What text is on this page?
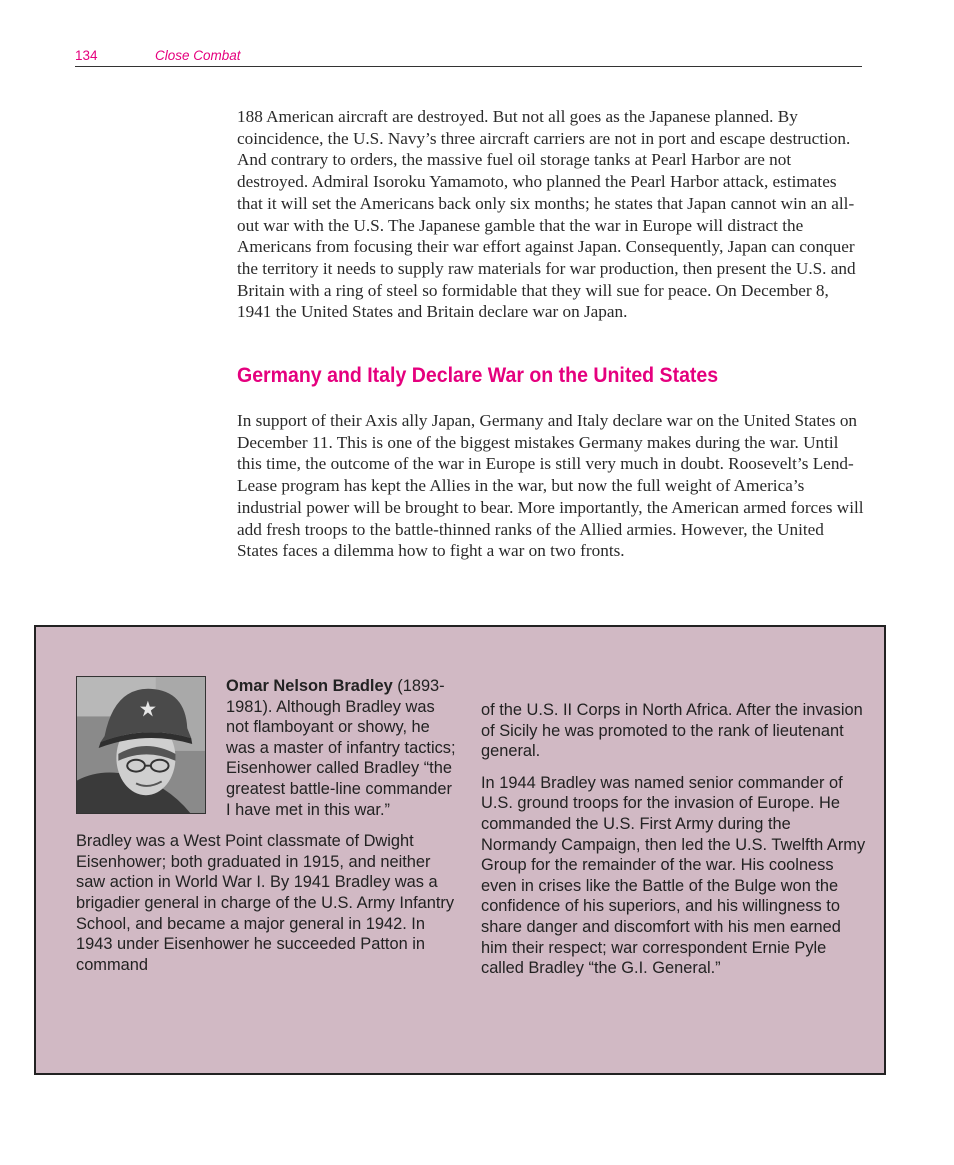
134	Close Combat

188 American aircraft are destroyed. But not all goes as the Japanese planned. By coincidence, the U.S. Navy’s three aircraft carriers are not in port and escape destruction. And contrary to orders, the massive fuel oil storage tanks at Pearl Harbor are not destroyed. Admiral Isoroku Yamamoto, who planned the Pearl Harbor attack, estimates that it will set the Americans back only six months; he states that Japan cannot win an all-out war with the U.S. The Japanese gamble that the war in Europe will distract the Americans from focusing their war effort against Japan. Consequently, Japan can conquer the territory it needs to supply raw materials for war production, then present the U.S. and Britain with a ring of steel so formidable that they will sue for peace. On December 8, 1941 the United States and Britain declare war on Japan.

Germany and Italy Declare War on the United States

In support of their Axis ally Japan, Germany and Italy declare war on the United States on December 11. This is one of the biggest mistakes Germany makes during the war. Until this time, the outcome of the war in Europe is still very much in doubt. Roosevelt’s Lend-Lease program has kept the Allies in the war, but now the full weight of America’s industrial power will be brought to bear. More importantly, the American armed forces will add fresh troops to the battle-thinned ranks of the Allied armies. However, the United States faces a dilemma how to fight a war on two fronts.

Omar Nelson Bradley (1893-1981). Although Bradley was not flamboyant or showy, he was a master of infantry tactics; Eisenhower called Bradley “the greatest battle-line commander I have met in this war.”

Bradley was a West Point classmate of Dwight Eisenhower; both graduated in 1915, and neither saw action in World War I. By 1941 Bradley was a brigadier general in charge of the U.S. Army Infantry School, and became a major general in 1942. In 1943 under Eisenhower he succeeded Patton in command

of the U.S. II Corps in North Africa. After the invasion of Sicily he was promoted to the rank of lieutenant general.

In 1944 Bradley was named senior commander of U.S. ground troops for the invasion of Europe. He commanded the U.S. First Army during the Normandy Campaign, then led the U.S. Twelfth Army Group for the remainder of the war. His coolness even in crises like the Battle of the Bulge won the confidence of his superiors, and his willingness to share danger and discomfort with his men earned him their respect; war correspondent Ernie Pyle called Bradley “the G.I. General.”
